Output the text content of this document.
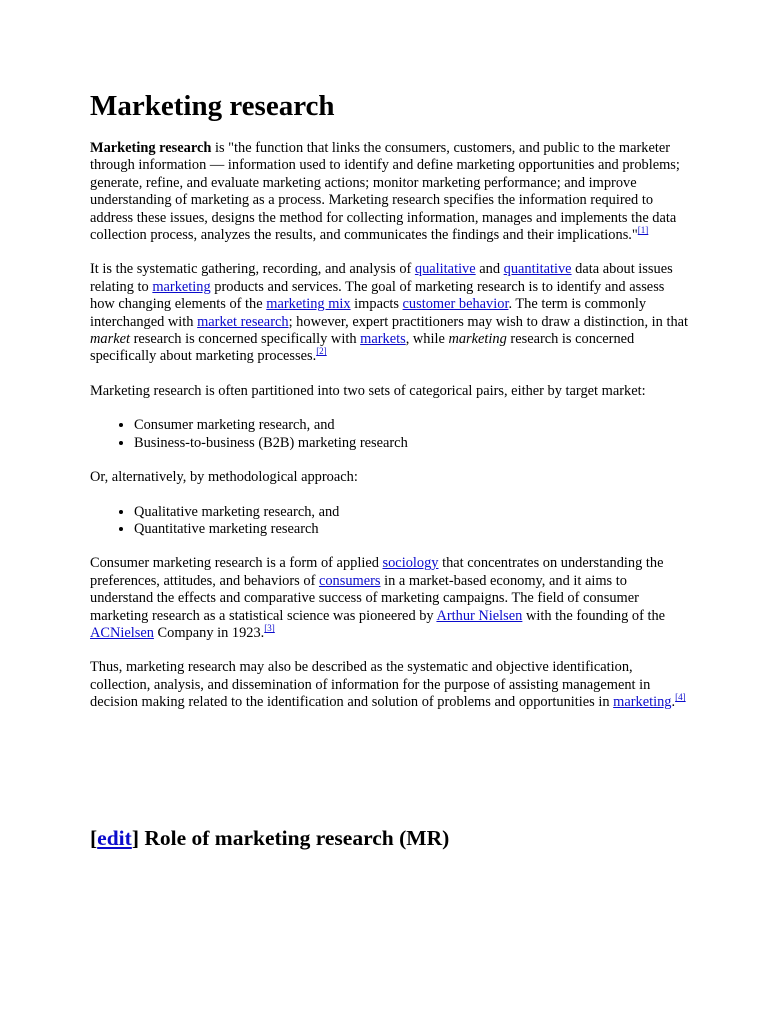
Marketing research

Marketing research is "the function that links the consumers, customers, and public to the marketer through information — information used to identify and define marketing opportunities and problems; generate, refine, and evaluate marketing actions; monitor marketing performance; and improve understanding of marketing as a process. Marketing research specifies the information required to address these issues, designs the method for collecting information, manages and implements the data collection process, analyzes the results, and communicates the findings and their implications."[1]

It is the systematic gathering, recording, and analysis of qualitative and quantitative data about issues relating to marketing products and services. The goal of marketing research is to identify and assess how changing elements of the marketing mix impacts customer behavior. The term is commonly interchanged with market research; however, expert practitioners may wish to draw a distinction, in that market research is concerned specifically with markets, while marketing research is concerned specifically about marketing processes.[2]

Marketing research is often partitioned into two sets of categorical pairs, either by target market:

• Consumer marketing research, and
• Business-to-business (B2B) marketing research

Or, alternatively, by methodological approach:

• Qualitative marketing research, and
• Quantitative marketing research

Consumer marketing research is a form of applied sociology that concentrates on understanding the preferences, attitudes, and behaviors of consumers in a market-based economy, and it aims to understand the effects and comparative success of marketing campaigns. The field of consumer marketing research as a statistical science was pioneered by Arthur Nielsen with the founding of the ACNielsen Company in 1923.[3]

Thus, marketing research may also be described as the systematic and objective identification, collection, analysis, and dissemination of information for the purpose of assisting management in decision making related to the identification and solution of problems and opportunities in marketing.[4]

[edit] Role of marketing research (MR)
